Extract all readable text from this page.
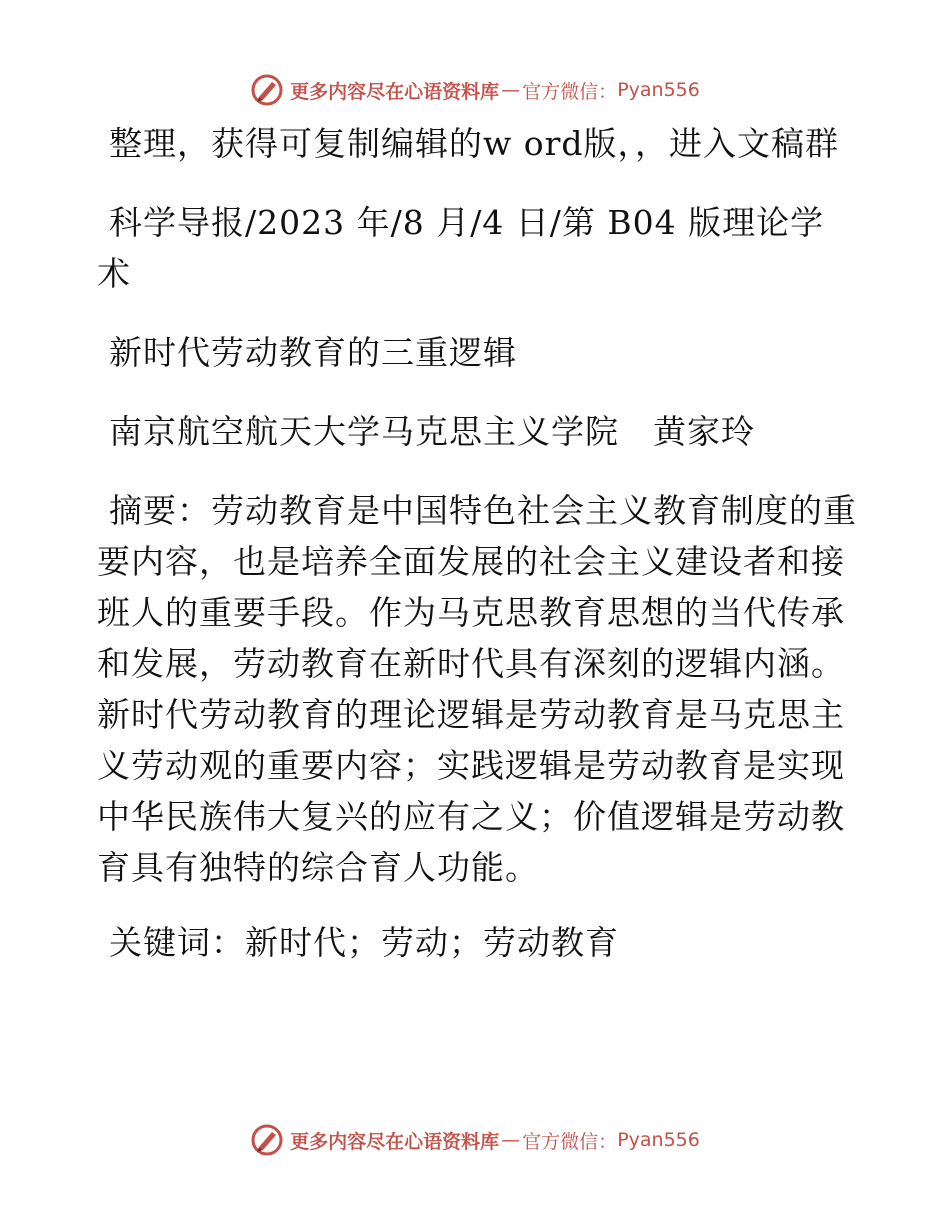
更多内容尽在心语资料库 — 官方微信： Pyan556

整理，获得可复制编辑的w ord版，，进入文稿群

科学导报/2023 年/8 月/4 日/第 B04 版理论学术

新时代劳动教育的三重逻辑

南京航空航天大学马克思主义学院　黄家玲

摘要：劳动教育是中国特色社会主义教育制度的重要内容，也是培养全面发展的社会主义建设者和接班人的重要手段。作为马克思教育思想的当代传承和发展，劳动教育在新时代具有深刻的逻辑内涵。新时代劳动教育的理论逻辑是劳动教育是马克思主义劳动观的重要内容；实践逻辑是劳动教育是实现中华民族伟大复兴的应有之义；价值逻辑是劳动教育具有独特的综合育人功能。

关键词：新时代；劳动；劳动教育

更多内容尽在心语资料库 — 官方微信： Pyan556
